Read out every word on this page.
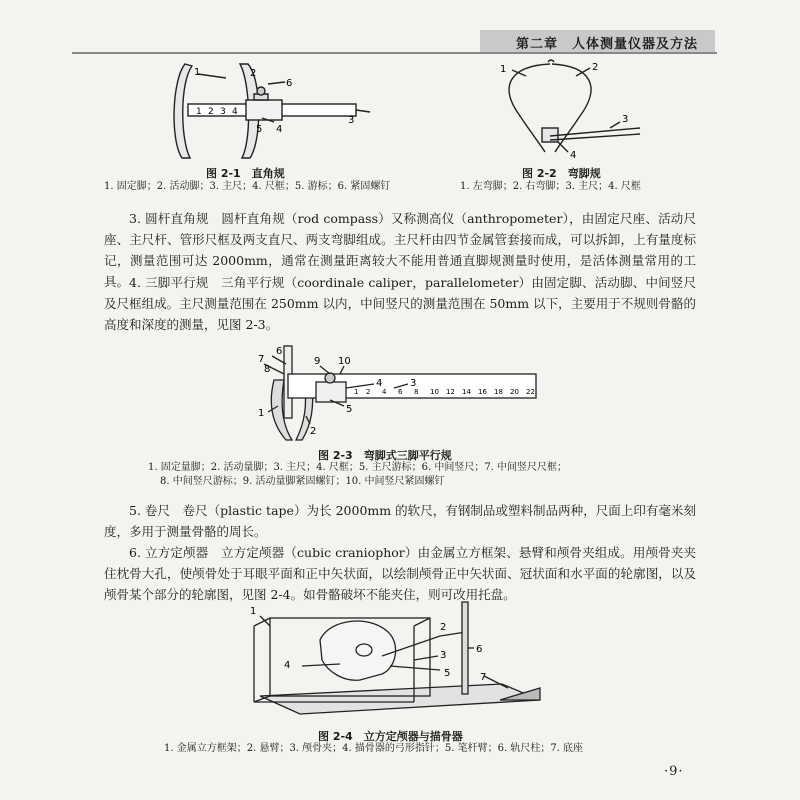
第二章　人体测量仪器及方法
1	2
3
4
5
6
1 2 3 4
图 2-1　直角规
1. 固定脚；2. 活动脚；3. 主尺；4. 尺框；5. 游标；6. 紧固螺钉
1	2
3
4
图 2-2　弯脚规
1. 左弯脚；2. 右弯脚；3. 主尺；4. 尺框
3. 圆杆直角规　圆杆直角规（rod compass）又称测高仪（anthropometer），由固定尺座、活动尺座、主尺杆、管形尺框及两支直尺、两支弯脚组成。主尺杆由四节金属管套接而成，可以拆卸，上有量度标记，测量范围可达 2000mm，通常在测量距离较大不能用普通直脚规测量时使用，是活体测量常用的工具。 4. 三脚平行规　三角平行规（coordinale caliper，parallelometer）由固定脚、活动脚、中间竖尺及尺框组成。主尺测量范围在 250mm 以内，中间竖尺的测量范围在 50mm 以下，主要用于不规则骨骼的高度和深度的测量，见图 2-3。
7
8
9 10
4	3
5
1
2
6
1 2 4 6 8 10 12 14 16 18 20 22
图 2-3　弯脚式三脚平行规
1. 固定量脚；2. 活动量脚；3. 主尺；4. 尺框；5. 主尺游标；6. 中间竖尺；7. 中间竖尺尺框；
8. 中间竖尺游标；9. 活动量脚紧固螺钉；10. 中间竖尺紧固螺钉
5. 卷尺　卷尺（plastic tape）为长 2000mm 的软尺，有钢制品或塑料制品两种，尺面上印有毫米刻度，多用于测量骨骼的周长。
6. 立方定颅器　立方定颅器（cubic craniophor）由金属立方框架、悬臂和颅骨夹组成。用颅骨夹夹住枕骨大孔，使颅骨处于耳眼平面和正中矢状面，以绘制颅骨正中矢状面、冠状面和水平面的轮廓图，以及颅骨某个部分的轮廓图，见图 2-4。如骨骼破坏不能夹住，则可改用托盘。
1
2
3
4
5
6
7
图 2-4　立方定颅器与描骨器
1. 金属立方框架；2. 悬臂；3. 颅骨夹；4. 描骨器的弓形指针；5. 笔杆臂；6. 轨尺柱；7. 底座
·9·
